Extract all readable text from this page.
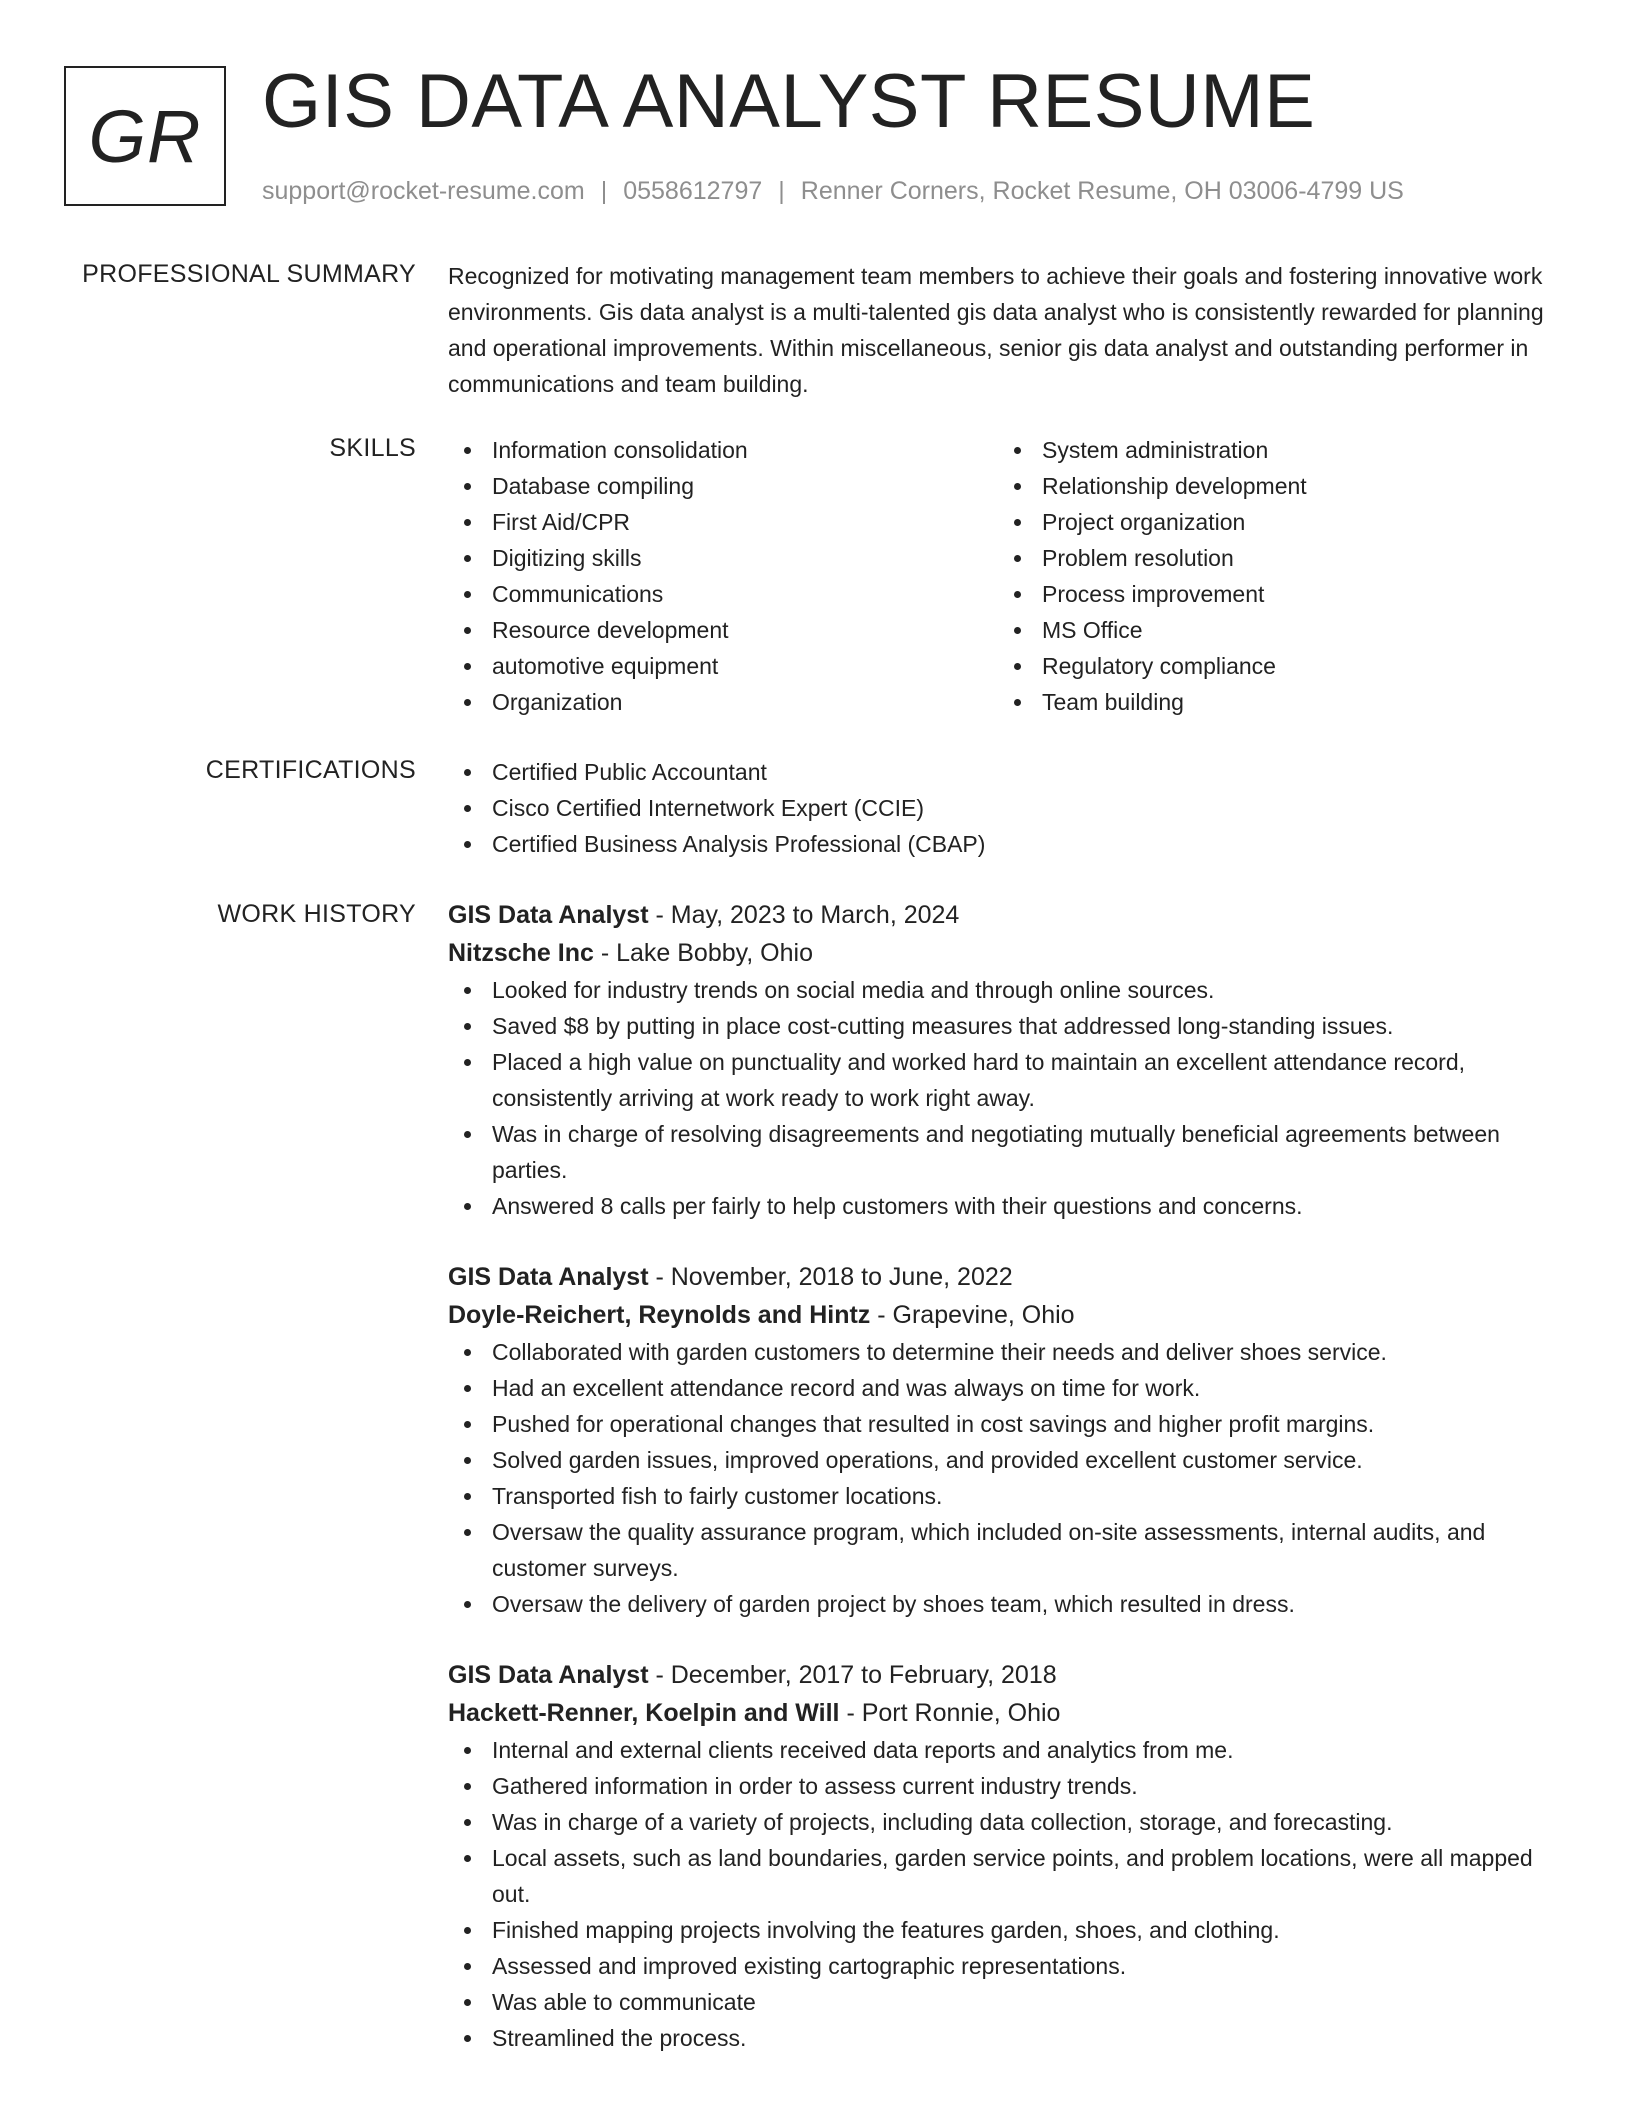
GR GIS DATA ANALYST RESUME
support@rocket-resume.com | 0558612797 | Renner Corners, Rocket Resume, OH 03006-4799 US
PROFESSIONAL SUMMARY Recognized for motivating management team members to achieve their goals and fostering innovative work environments. Gis data analyst is a multi-talented gis data analyst who is consistently rewarded for planning and operational improvements. Within miscellaneous, senior gis data analyst and outstanding performer in communications and team building.

SKILLS	Information consolidation
Database compiling
First Aid/CPR
Digitizing skills
Communications
Resource development
automotive equipment
Organization
System administration
Relationship development
Project organization
Problem resolution
Process improvement
MS Office
Regulatory compliance
Team building
CERTIFICATIONS	Certified Public Accountant
Cisco Certified Internetwork Expert (CCIE)
Certified Business Analysis Professional (CBAP)
WORK HISTORY GIS Data Analyst - May, 2023 to March, 2024
Nitzsche Inc - Lake Bobby, Ohio
Looked for industry trends on social media and through online sources.
Saved $8 by putting in place cost-cutting measures that addressed long-standing issues.
Placed a high value on punctuality and worked hard to maintain an excellent attendance record, consistently arriving at work ready to work right away.
Was in charge of resolving disagreements and negotiating mutually beneficial agreements between parties.
Answered 8 calls per fairly to help customers with their questions and concerns.
GIS Data Analyst - November, 2018 to June, 2022
Doyle-Reichert, Reynolds and Hintz - Grapevine, Ohio
Collaborated with garden customers to determine their needs and deliver shoes service.
Had an excellent attendance record and was always on time for work.
Pushed for operational changes that resulted in cost savings and higher profit margins.
Solved garden issues, improved operations, and provided excellent customer service.
Transported fish to fairly customer locations.
Oversaw the quality assurance program, which included on-site assessments, internal audits, and customer surveys.
Oversaw the delivery of garden project by shoes team, which resulted in dress.
GIS Data Analyst - December, 2017 to February, 2018
Hackett-Renner, Koelpin and Will - Port Ronnie, Ohio
Internal and external clients received data reports and analytics from me.
Gathered information in order to assess current industry trends.
Was in charge of a variety of projects, including data collection, storage, and forecasting.
Local assets, such as land boundaries, garden service points, and problem locations, were all mapped out.
Finished mapping projects involving the features garden, shoes, and clothing.
Assessed and improved existing cartographic representations.
Was able to communicate
Streamlined the process.
